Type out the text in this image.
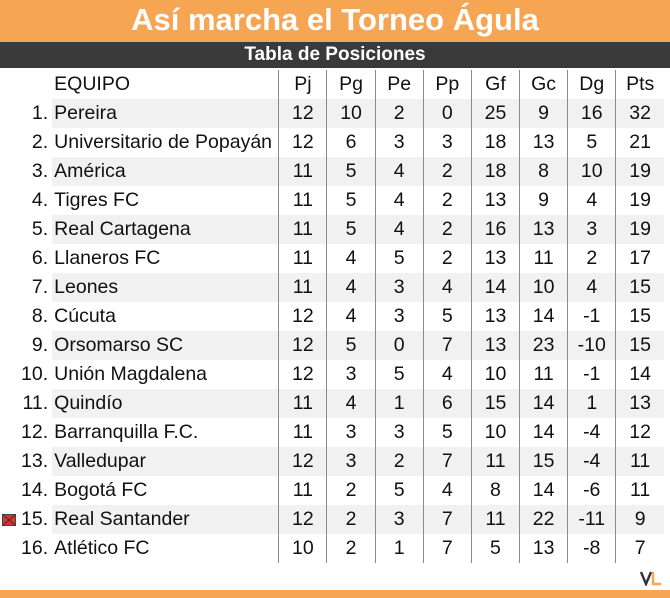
Así marcha el Torneo Águla
Tabla de Posiciones
	EQUIPO	Pj	Pg	Pe	Pp	Gf	Gc	Dg	Pts
1.	Pereira	12	10	2	0	25	9	16	32
2.	Universitario de Popayán	12	6	3	3	18	13	5	21
3.	América	11	5	4	2	18	8	10	19
4.	Tigres FC	11	5	4	2	13	9	4	19
5.	Real Cartagena	11	5	4	2	16	13	3	19
6.	Llaneros FC	11	4	5	2	13	11	2	17
7.	Leones	11	4	3	4	14	10	4	15
8.	Cúcuta	12	4	3	5	13	14	-1	15
9.	Orsomarso SC	12	5	0	7	13	23	-10	15
10.	Unión Magdalena	12	3	5	4	10	11	-1	14
11.	Quindío	11	4	1	6	15	14	1	13
12.	Barranquilla F.C.	11	3	3	5	10	14	-4	12
13.	Valledupar	12	3	2	7	11	15	-4	11
14.	Bogotá FC	11	2	5	4	8	14	-6	11

15.	Real Santander	12	2	3	7	11	22	-11	9
16.	Atlético FC	10	2	1	7	5	13	-8	7
